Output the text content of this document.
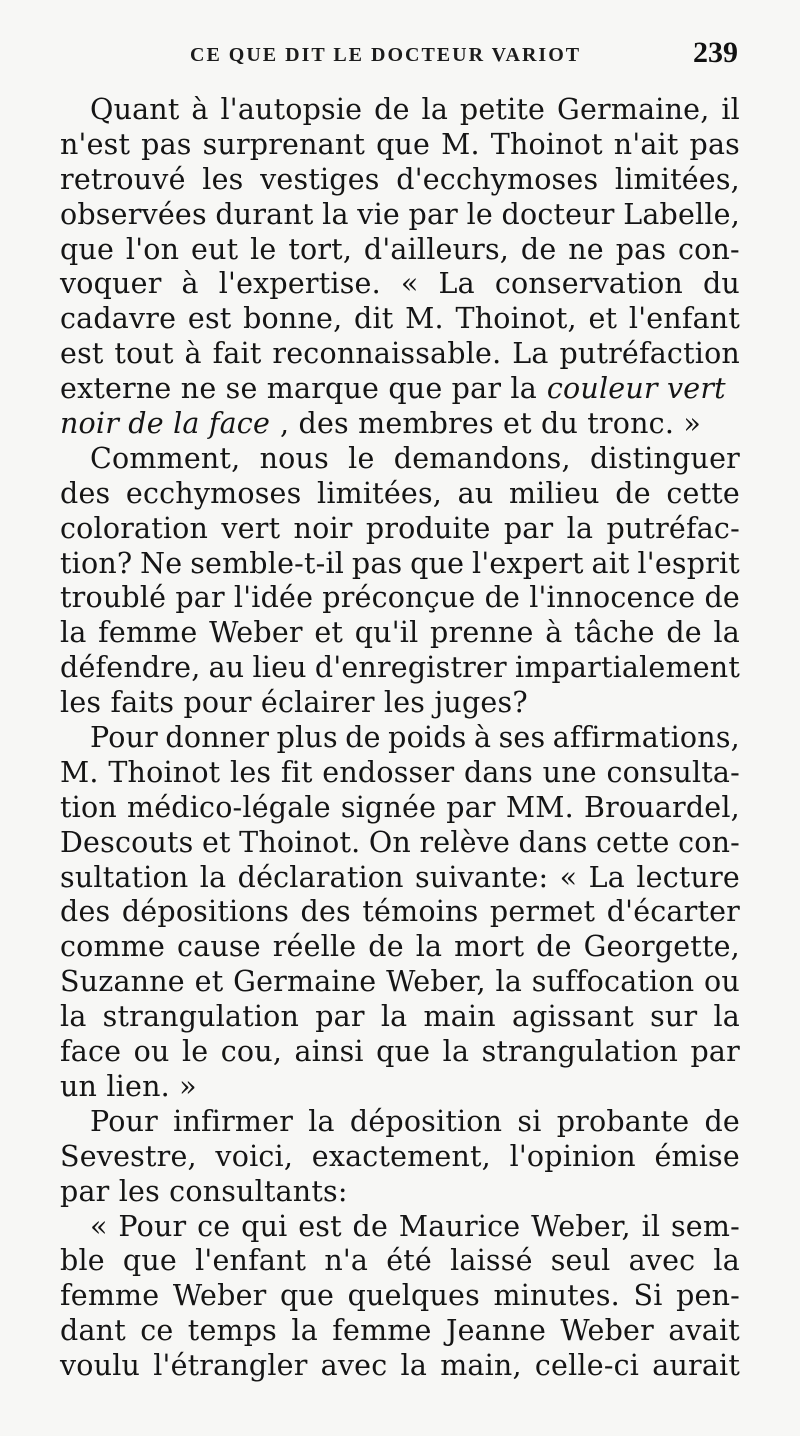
CE QUE DIT LE DOCTEUR VARIOT	239
Quant à l'autopsie de la petite Germaine, il
n'est pas surprenant que M. Thoinot n'ait pas
retrouvé les vestiges d'ecchymoses limitées,
observées durant la vie par le docteur Labelle,
que l'on eut le tort, d'ailleurs, de ne pas con-
voquer à l'expertise. « La conservation du
cadavre est bonne, dit M. Thoinot, et l'enfant
est tout à fait reconnaissable. La putréfaction
externe ne se marque que par la couleur vert
noir de la face , des membres et du tronc. »
Comment, nous le demandons, distinguer
des ecchymoses limitées, au milieu de cette
coloration vert noir produite par la putréfac-
tion? Ne semble-t-il pas que l'expert ait l'esprit
troublé par l'idée préconçue de l'innocence de
la femme Weber et qu'il prenne à tâche de la
défendre, au lieu d'enregistrer impartialement
les faits pour éclairer les juges?
Pour donner plus de poids à ses affirmations,
M. Thoinot les fit endosser dans une consulta-
tion médico-légale signée par MM. Brouardel,
Descouts et Thoinot. On relève dans cette con-
sultation la déclaration suivante: « La lecture
des dépositions des témoins permet d'écarter
comme cause réelle de la mort de Georgette,
Suzanne et Germaine Weber, la suffocation ou
la strangulation par la main agissant sur la
face ou le cou, ainsi que la strangulation par
un lien. »
Pour infirmer la déposition si probante de
Sevestre, voici, exactement, l'opinion émise
par les consultants:
« Pour ce qui est de Maurice Weber, il sem-
ble que l'enfant n'a été laissé seul avec la
femme Weber que quelques minutes. Si pen-
dant ce temps la femme Jeanne Weber avait
voulu l'étrangler avec la main, celle-ci aurait
